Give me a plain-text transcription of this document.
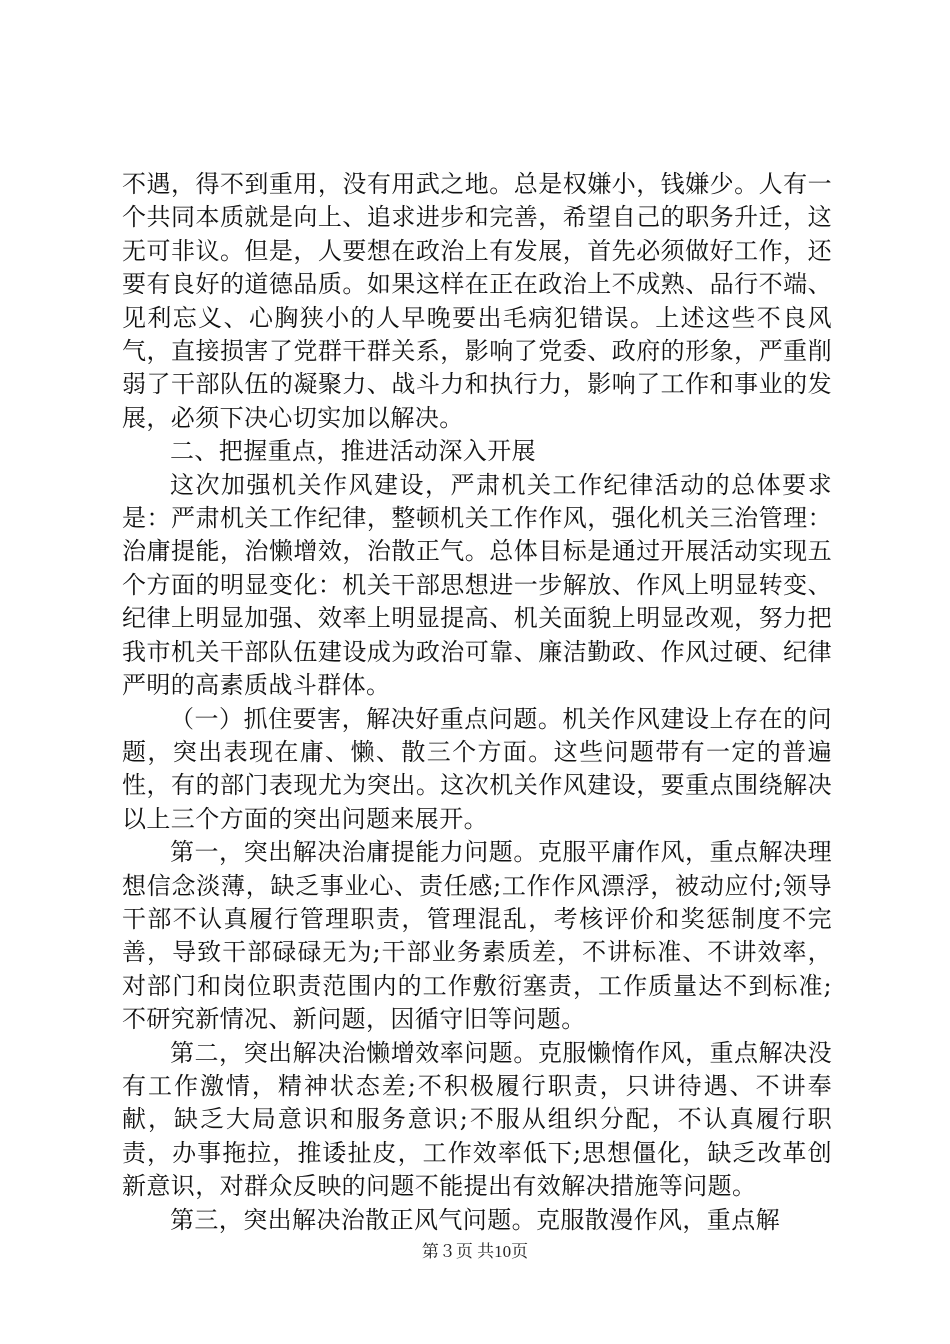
不遇，得不到重用，没有用武之地。总是权嫌小，钱嫌少。人有一个共同本质就是向上、追求进步和完善，希望自己的职务升迁，这无可非议。但是，人要想在政治上有发展，首先必须做好工作，还要有良好的道德品质。如果这样在正在政治上不成熟、品行不端、见利忘义、心胸狭小的人早晚要出毛病犯错误。上述这些不良风气，直接损害了党群干群关系，影响了党委、政府的形象，严重削弱了干部队伍的凝聚力、战斗力和执行力，影响了工作和事业的发展，必须下决心切实加以解决。

二、把握重点，推进活动深入开展

这次加强机关作风建设，严肃机关工作纪律活动的总体要求是：严肃机关工作纪律，整顿机关工作作风，强化机关三治管理：治庸提能，治懒增效，治散正气。总体目标是通过开展活动实现五个方面的明显变化：机关干部思想进一步解放、作风上明显转变、纪律上明显加强、效率上明显提高、机关面貌上明显改观，努力把我市机关干部队伍建设成为政治可靠、廉洁勤政、作风过硬、纪律严明的高素质战斗群体。

（一）抓住要害，解决好重点问题。机关作风建设上存在的问题，突出表现在庸、懒、散三个方面。这些问题带有一定的普遍性，有的部门表现尤为突出。这次机关作风建设，要重点围绕解决以上三个方面的突出问题来展开。

第一，突出解决治庸提能力问题。克服平庸作风，重点解决理想信念淡薄，缺乏事业心、责任感;工作作风漂浮，被动应付;领导干部不认真履行管理职责，管理混乱，考核评价和奖惩制度不完善，导致干部碌碌无为;干部业务素质差，不讲标准、不讲效率，对部门和岗位职责范围内的工作敷衍塞责，工作质量达不到标准;不研究新情况、新问题，因循守旧等问题。

第二，突出解决治懒增效率问题。克服懒惰作风，重点解决没有工作激情，精神状态差;不积极履行职责，只讲待遇、不讲奉献，缺乏大局意识和服务意识;不服从组织分配，不认真履行职责，办事拖拉，推诿扯皮，工作效率低下;思想僵化，缺乏改革创新意识，对群众反映的问题不能提出有效解决措施等问题。

第三，突出解决治散正风气问题。克服散漫作风，重点解

第３页 共10页
